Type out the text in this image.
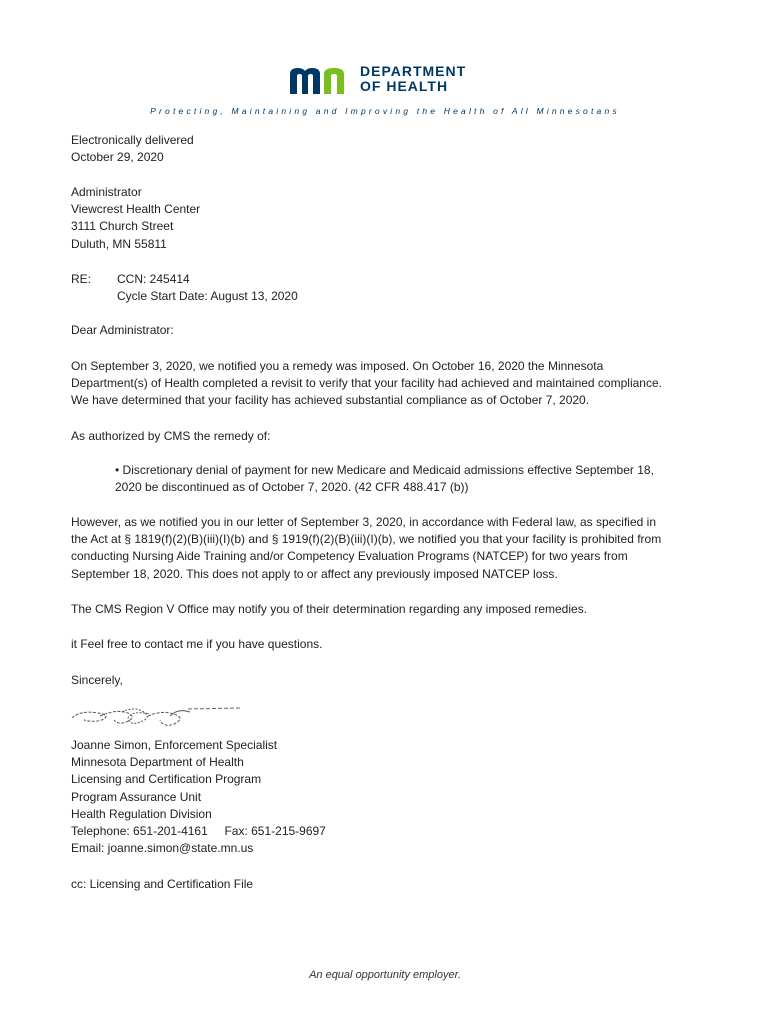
DEPARTMENT
OF HEALTH
Protecting, Maintaining and Improving the Health of All Minnesotans
Electronically delivered
October 29, 2020
Administrator
Viewcrest Health Center
3111 Church Street
Duluth, MN 55811
RE:	CCN: 245414
Cycle Start Date: August 13, 2020
Dear Administrator:
On September 3, 2020, we notified you a remedy was imposed. On October 16, 2020 the Minnesota
Department(s) of Health completed a revisit to verify that your facility had achieved and maintained compliance.
We have determined that your facility has achieved substantial compliance as of October 7, 2020.
As authorized by CMS the remedy of:
• Discretionary denial of payment for new Medicare and Medicaid admissions effective September 18,
2020 be discontinued as of October 7, 2020. (42 CFR 488.417 (b))
However, as we notified you in our letter of September 3, 2020, in accordance with Federal law, as specified in
the Act at § 1819(f)(2)(B)(iii)(I)(b) and § 1919(f)(2)(B)(iii)(I)(b), we notified you that your facility is prohibited from
conducting Nursing Aide Training and/or Competency Evaluation Programs (NATCEP) for two years from
September 18, 2020. This does not apply to or affect any previously imposed NATCEP loss.
The CMS Region V Office may notify you of their determination regarding any imposed remedies.
it Feel free to contact me if you have questions.
Sincerely,
Joanne Simon, Enforcement Specialist
Minnesota Department of Health
Licensing and Certification Program
Program Assurance Unit
Health Regulation Division
Telephone: 651-201-4161     Fax: 651-215-9697
Email: joanne.simon@state.mn.us
cc: Licensing and Certification File
An equal opportunity employer.
